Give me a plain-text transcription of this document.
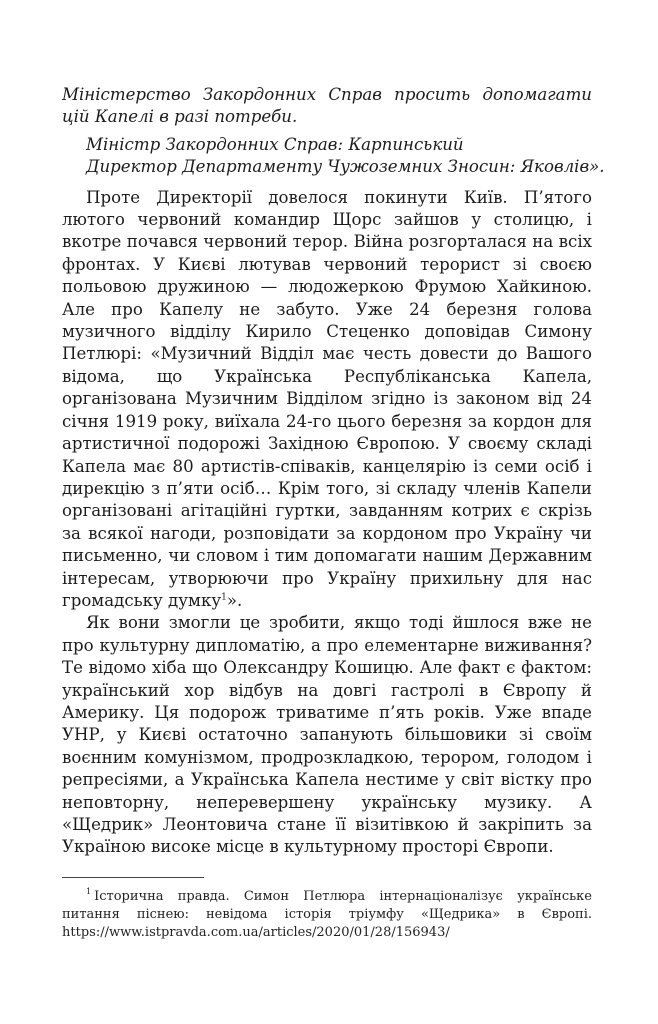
Міністерство Закордонних Справ просить допомагати цій Капелі в разі потреби.

Міністр Закордонних Справ: Карпинський

Директор Департаменту Чужоземних Зносин: Яковлів».

Проте Директорії довелося покинути Київ. П’ятого лютого червоний командир Щорс зайшов у столицю, і вкотре почався червоний терор. Війна розгорталася на всіх фронтах. У Києві лютував червоний терорист зі своєю польовою дружиною — людожеркою Фрумою Хайкиною. Але про Капелу не забуто. Уже 24 березня голова музичного відділу Кирило Стеценко доповідав Симону Петлюрі: «Музичний Відділ має честь довести до Вашого відома, що Українська Республіканська Капела, організована Музичним Відділом згідно із законом від 24 січня 1919 року, виїхала 24-го цього березня за кордон для артистичної подорожі Західною Європою. У своєму складі Капела має 80 артистів-співаків, канцелярію із семи осіб і дирекцію з п’яти осіб… Крім того, зі складу членів Капели організовані агітаційні гуртки, завданням котрих є скрізь за всякої нагоди, розповідати за кордоном про Україну чи письменно, чи словом і тим допомагати нашим Державним інтересам, утворюючи про Україну прихильну для нас громадську думку$^1$».

Як вони змогли це зробити, якщо тоді йшлося вже не про культурну дипломатію, а про елементарне виживання? Те відомо хіба що Олександру Кошицю. Але факт є фактом: український хор відбув на довгі гастролі в Європу й Америку. Ця подорож триватиме п’ять років. Уже впаде УНР, у Києві остаточно запанують більшовики зі своїм воєнним комунізмом, продрозкладкою, терором, голодом і репресіями, а Українська Капела нестиме у світ вістку про неповторну, неперевершену українську музику. А «Щедрик» Леонтовича стане її візитівкою й закріпить за Україною високе місце в культурному просторі Європи.

$^1$ Історична правда. Симон Петлюра інтернаціоналізує українське питання піснею: невідома історія тріумфу «Щедрика» в Європі. https://www.istpravda.com.ua/articles/2020/01/28/156943/
